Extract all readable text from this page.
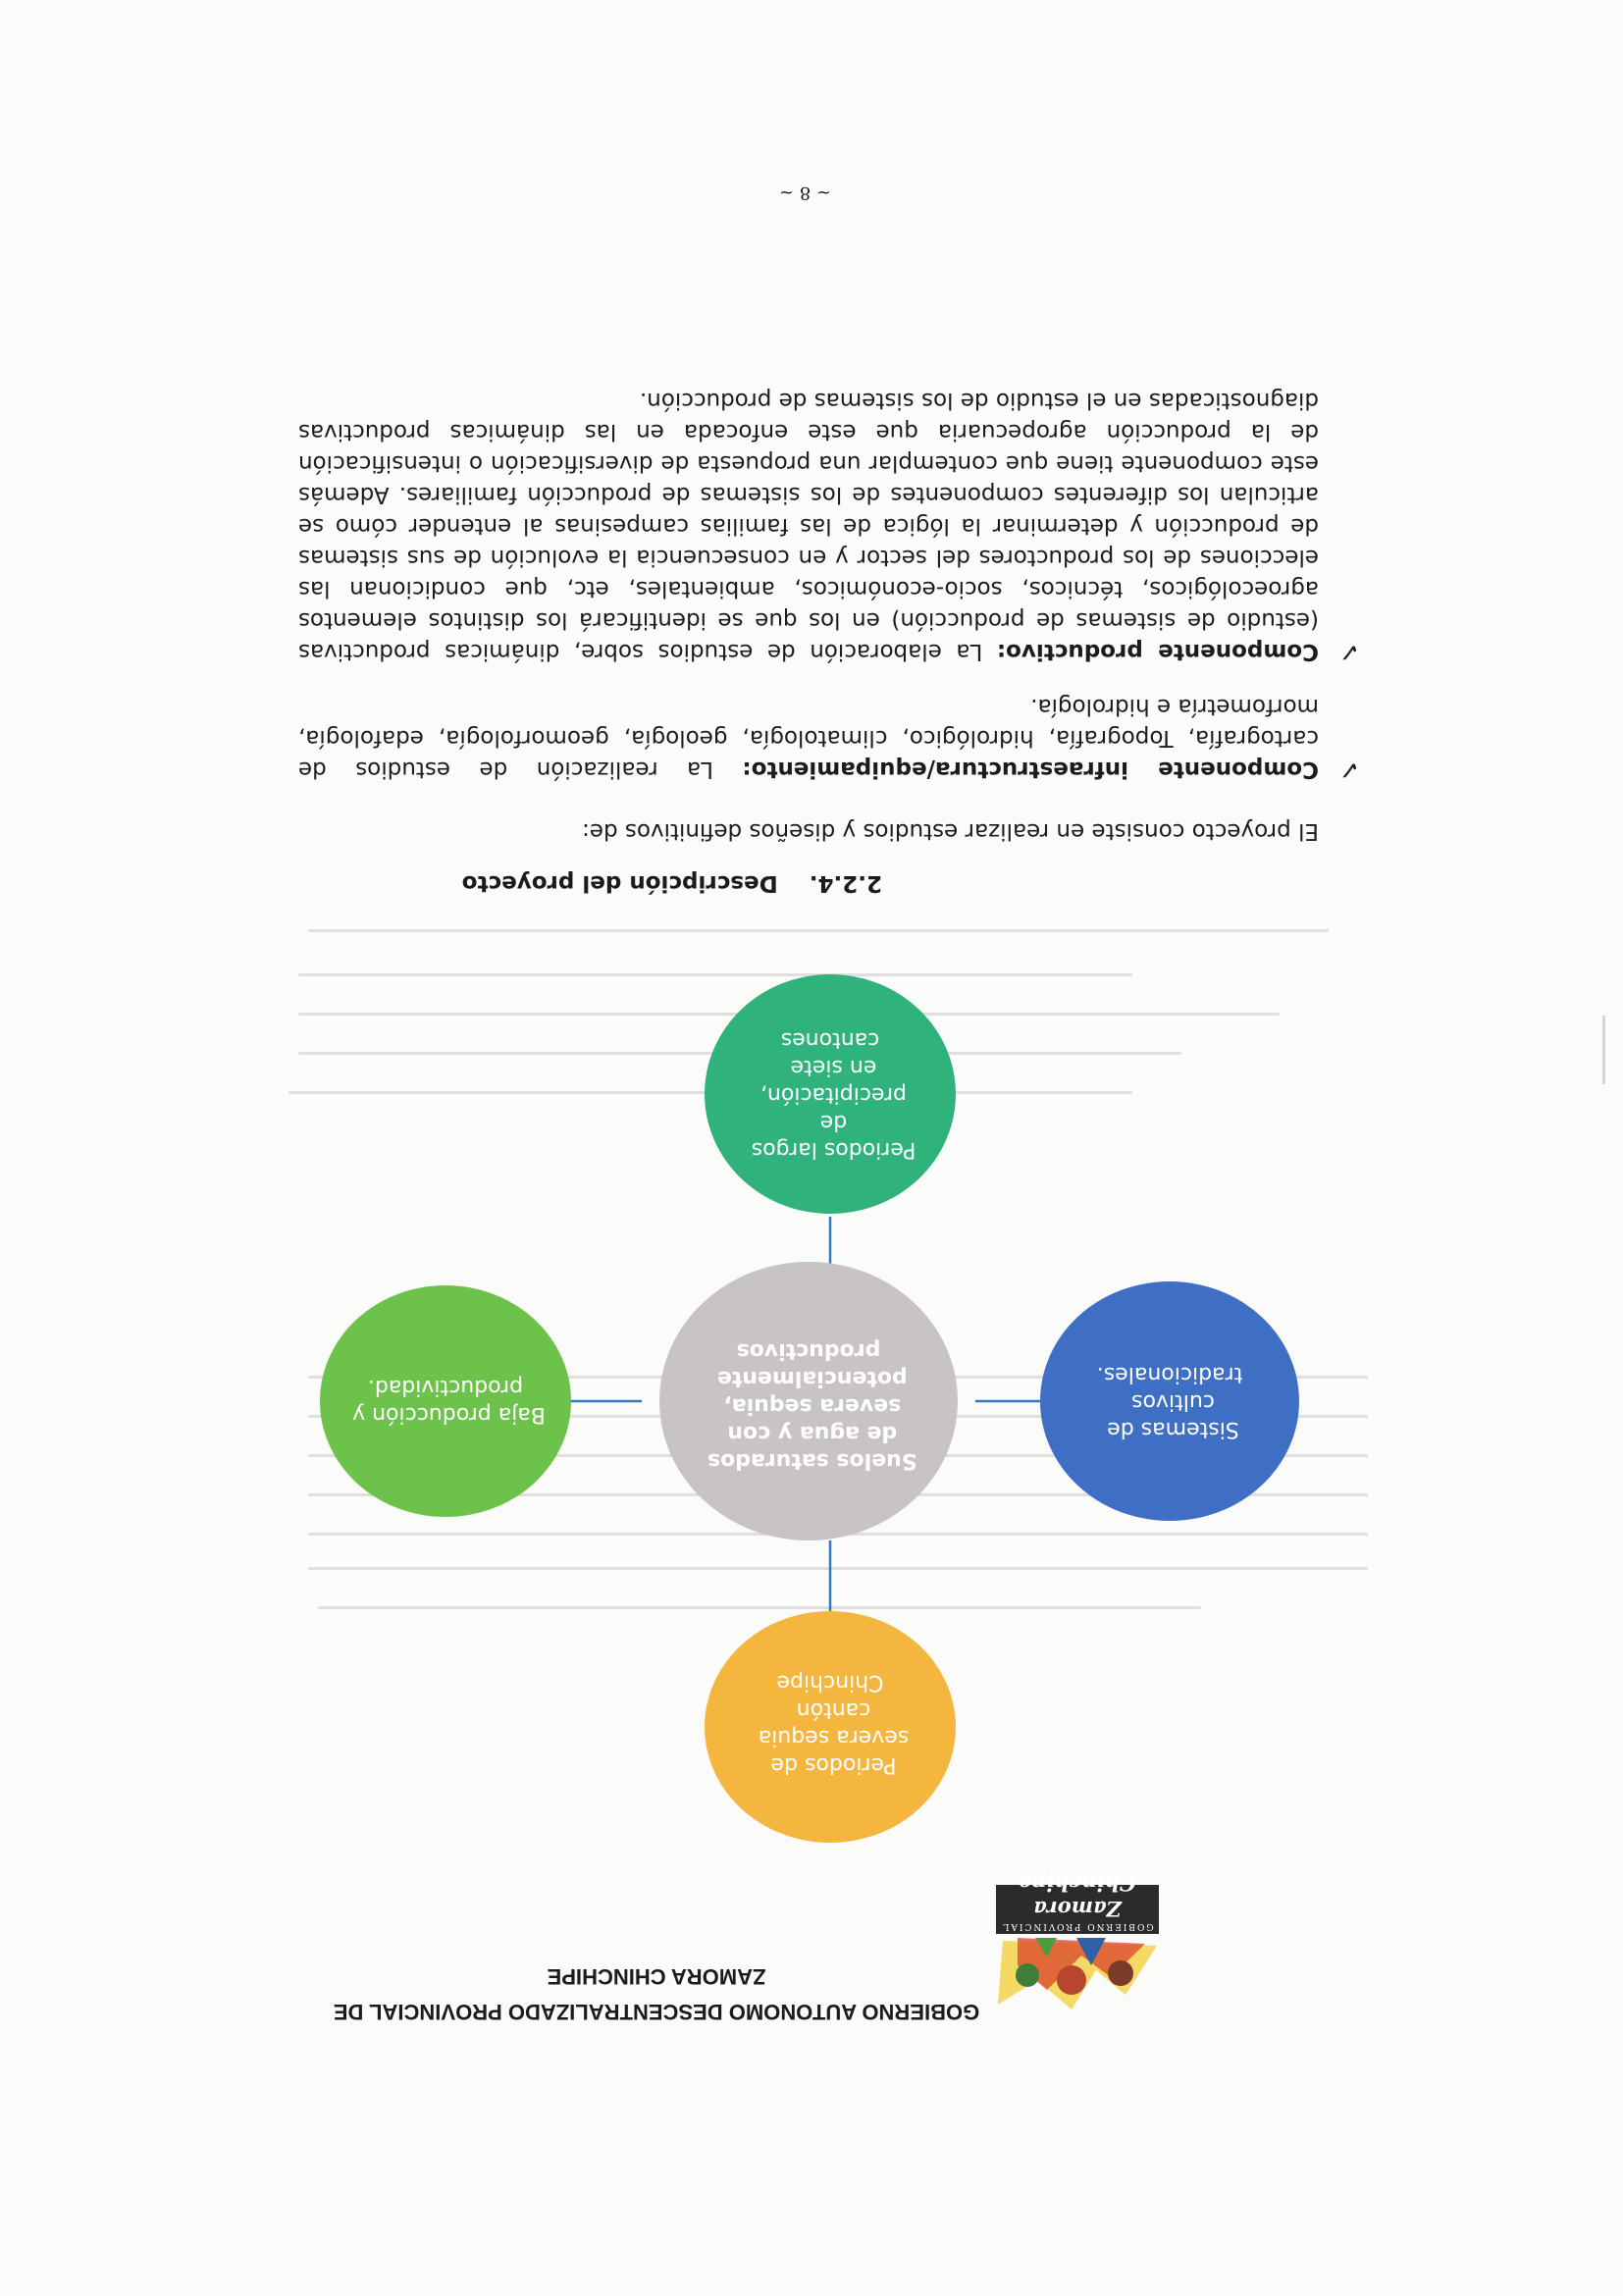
GOBIERNO PROVINCIAL
Zamora Chinchipe
GOBIERNO AUTONOMO DESCENTRALIZADO PROVINCIAL DE
ZAMORA CHINCHIPE
Periodos de severa sequia cantón Chinchipe
Suelos saturados de agua y con severa sequia, potencialmente productivos
Baja producción y productividad.
Sistemas de cultivos tradicionales.
Periodos largos de precipitación, en siete cantones
2.2.4.    Descripción del proyecto
El proyecto consiste en realizar estudios y diseños definitivos de:
✓
Componente infraestructura/equipamiento: La realización de estudios de cartografía, Topografía, hidrológico, climatología, geología, geomorfología, edafología, morfometría e hidrología.
✓
Componente productivo: La elaboración de estudios sobre, dinámicas productivas (estudio de sistemas de producción) en los que se identificará los distintos elementos agroecológicos, técnicos, socio-económicos, ambientales, etc, que condicionan las elecciones de los productores del sector y en consecuencia la evolución de sus sistemas de producción y determinar la lógica de las familias campesinas al entender cómo se articulan los diferentes componentes de los sistemas de producción familiares. Además este componente tiene que contemplar una propuesta de diversificación o intensificación de la producción agropecuaria que este enfocada en las dinámicas productivas diagnosticadas en el estudio de los sistemas de producción.
~ 8 ~
